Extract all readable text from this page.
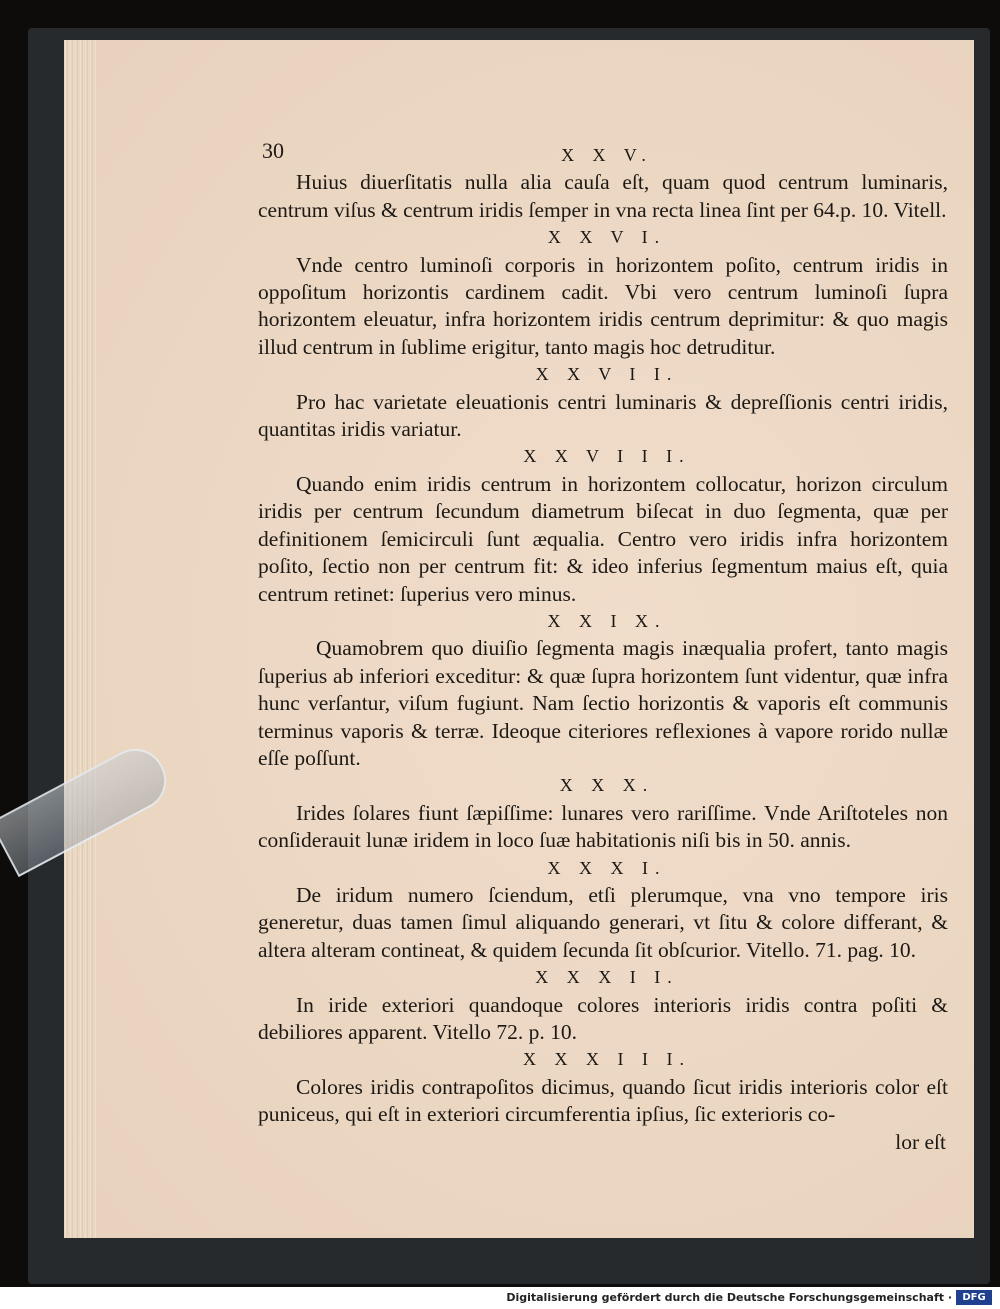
30	X X V.

Huius diuerſitatis nulla alia cauſa eſt, quam quod centrum luminaris, centrum viſus & centrum iridis ſemper in vna recta linea ſint per 64.p. 10. Vitell.

X X V I.

Vnde centro luminoſi corporis in horizontem poſito, centrum iridis in oppoſitum horizontis cardinem cadit. Vbi vero centrum luminoſi ſupra horizontem eleuatur, infra horizontem iridis centrum deprimitur: & quo magis illud centrum in ſublime erigitur, tanto magis hoc detruditur.

X X V I I.

Pro hac varietate eleuationis centri luminaris & depreſſionis centri iridis, quantitas iridis variatur.

X X V I I I.

Quando enim iridis centrum in horizontem collocatur, horizon circulum iridis per centrum ſecundum diametrum biſecat in duo ſegmenta, quæ per definitionem ſemicirculi ſunt æqualia. Centro vero iridis infra horizontem poſito, ſectio non per centrum fit: & ideo inferius ſegmentum maius eſt, quia centrum retinet: ſuperius vero minus.

X X I X.

Quamobrem quo diuiſio ſegmenta magis inæqualia profert, tanto magis ſuperius ab inferiori exceditur: & quæ ſupra horizontem ſunt videntur, quæ infra hunc verſantur, viſum fugiunt. Nam ſectio horizontis & vaporis eſt communis terminus vaporis & terræ. Ideoque citeriores reflexiones à vapore rorido nullæ eſſe poſſunt.

X X X.

Irides ſolares fiunt ſæpiſſime: lunares vero rariſſime. Vnde Ariſtoteles non conſiderauit lunæ iridem in loco ſuæ habitationis niſi bis in 50. annis.

X X X I.

De iridum numero ſciendum, etſi plerumque, vna vno tempore iris generetur, duas tamen ſimul aliquando generari, vt ſitu & colore differant, & altera alteram contineat, & quidem ſecunda ſit obſcurior. Vitello. 71. pag. 10.

X X X I I.

In iride exteriori quandoque colores interioris iridis contra poſiti & debiliores apparent. Vitello 72. p. 10.

X X X I I I.

Colores iridis contrapoſitos dicimus, quando ſicut iridis interioris color eſt puniceus, qui eſt in exteriori circumferentia ipſius, ſic exterioris co-

lor eſt

Digitalisierung gefördert durch die Deutsche Forschungsgemeinschaft ·	DFG
